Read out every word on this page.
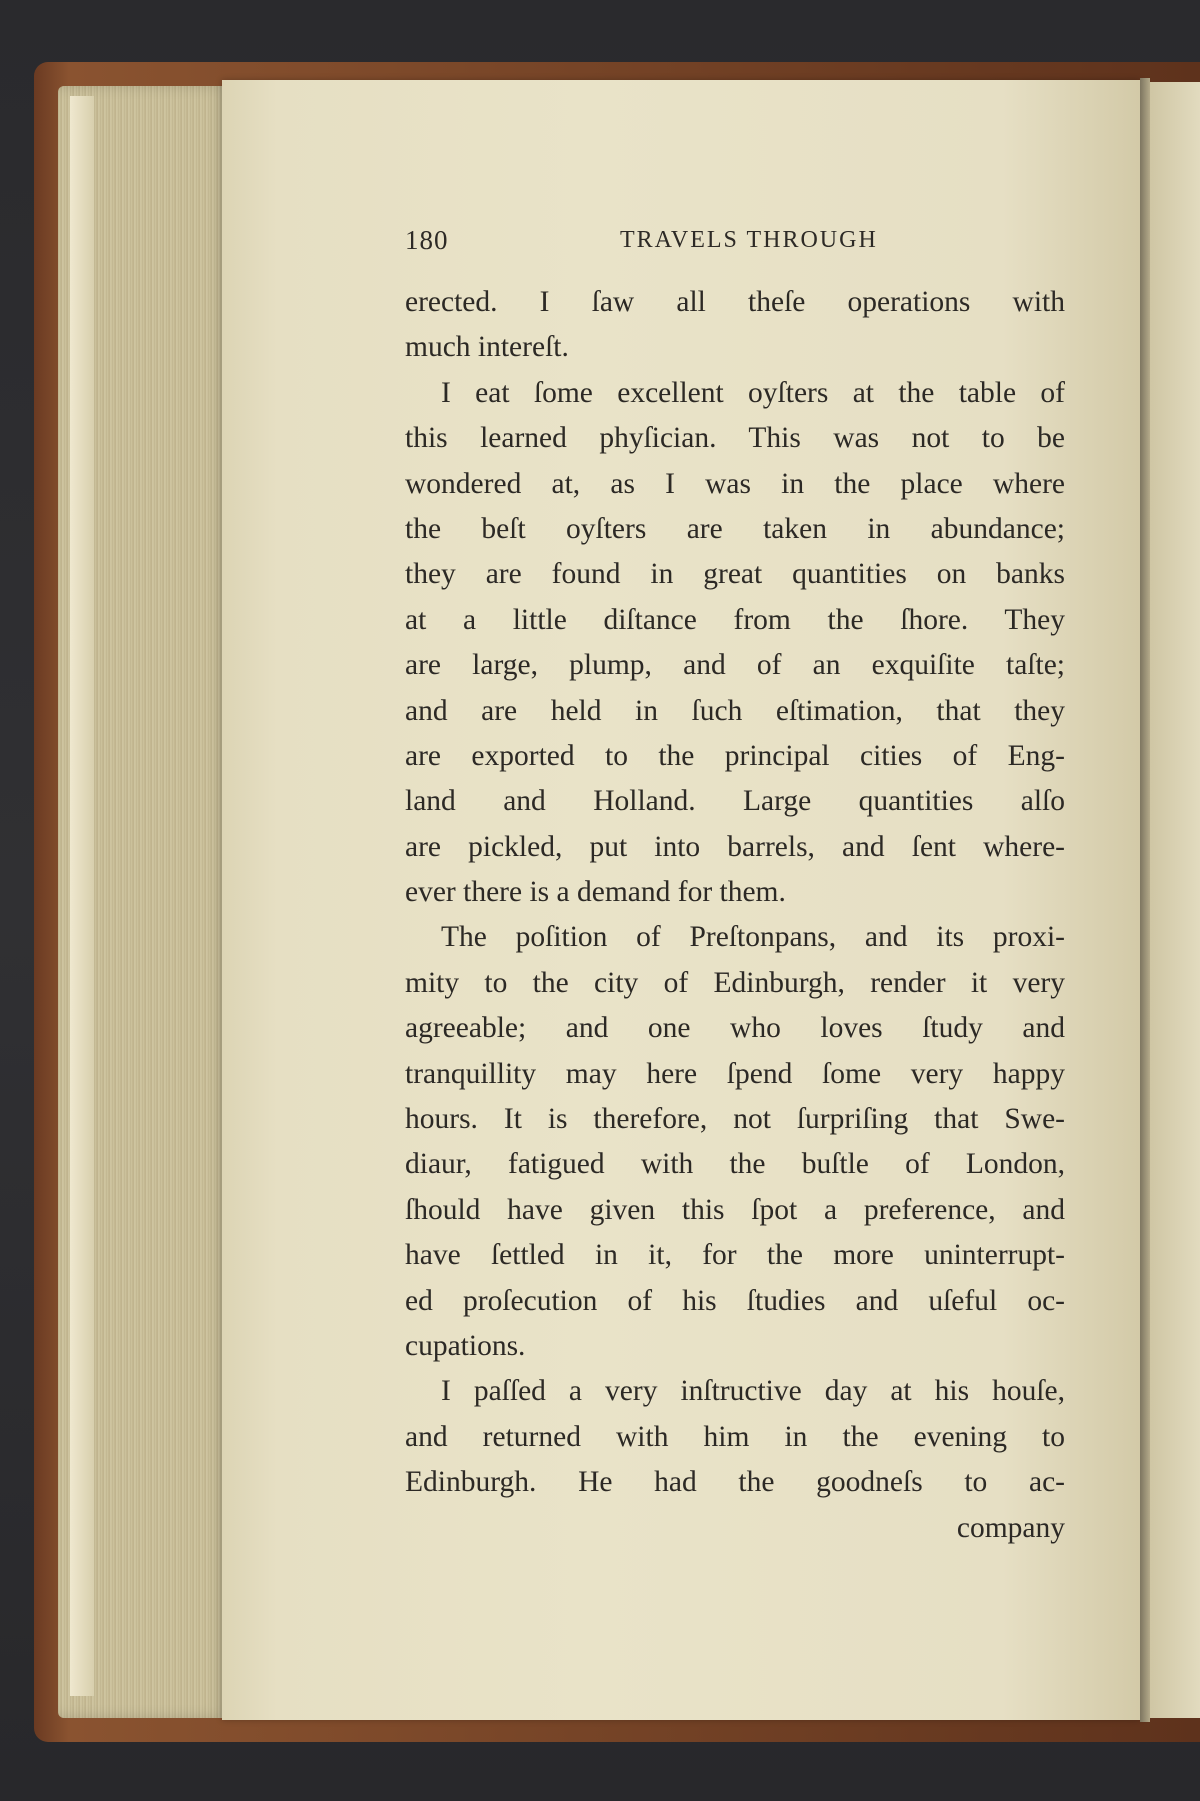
180	TRAVELS THROUGH
erected. I ſaw all theſe operations with
much intereſt.
I eat ſome excellent oyſters at the table of
this learned phyſician. This was not to be
wondered at, as I was in the place where
the beſt oyſters are taken in abundance;
they are found in great quantities on banks
at a little diſtance from the ſhore. They
are large, plump, and of an exquiſite taſte;
and are held in ſuch eſtimation, that they
are exported to the principal cities of Eng-
land and Holland. Large quantities alſo
are pickled, put into barrels, and ſent where-
ever there is a demand for them.
The poſition of Preſtonpans, and its proxi-
mity to the city of Edinburgh, render it very
agreeable; and one who loves ſtudy and
tranquillity may here ſpend ſome very happy
hours. It is therefore, not ſurpriſing that Swe-
diaur, fatigued with the buſtle of London,
ſhould have given this ſpot a preference, and
have ſettled in it, for the more uninterrupt-
ed proſecution of his ſtudies and uſeful oc-
cupations.
I paſſed a very inſtructive day at his houſe,
and returned with him in the evening to
Edinburgh. He had the goodneſs to ac-
company
